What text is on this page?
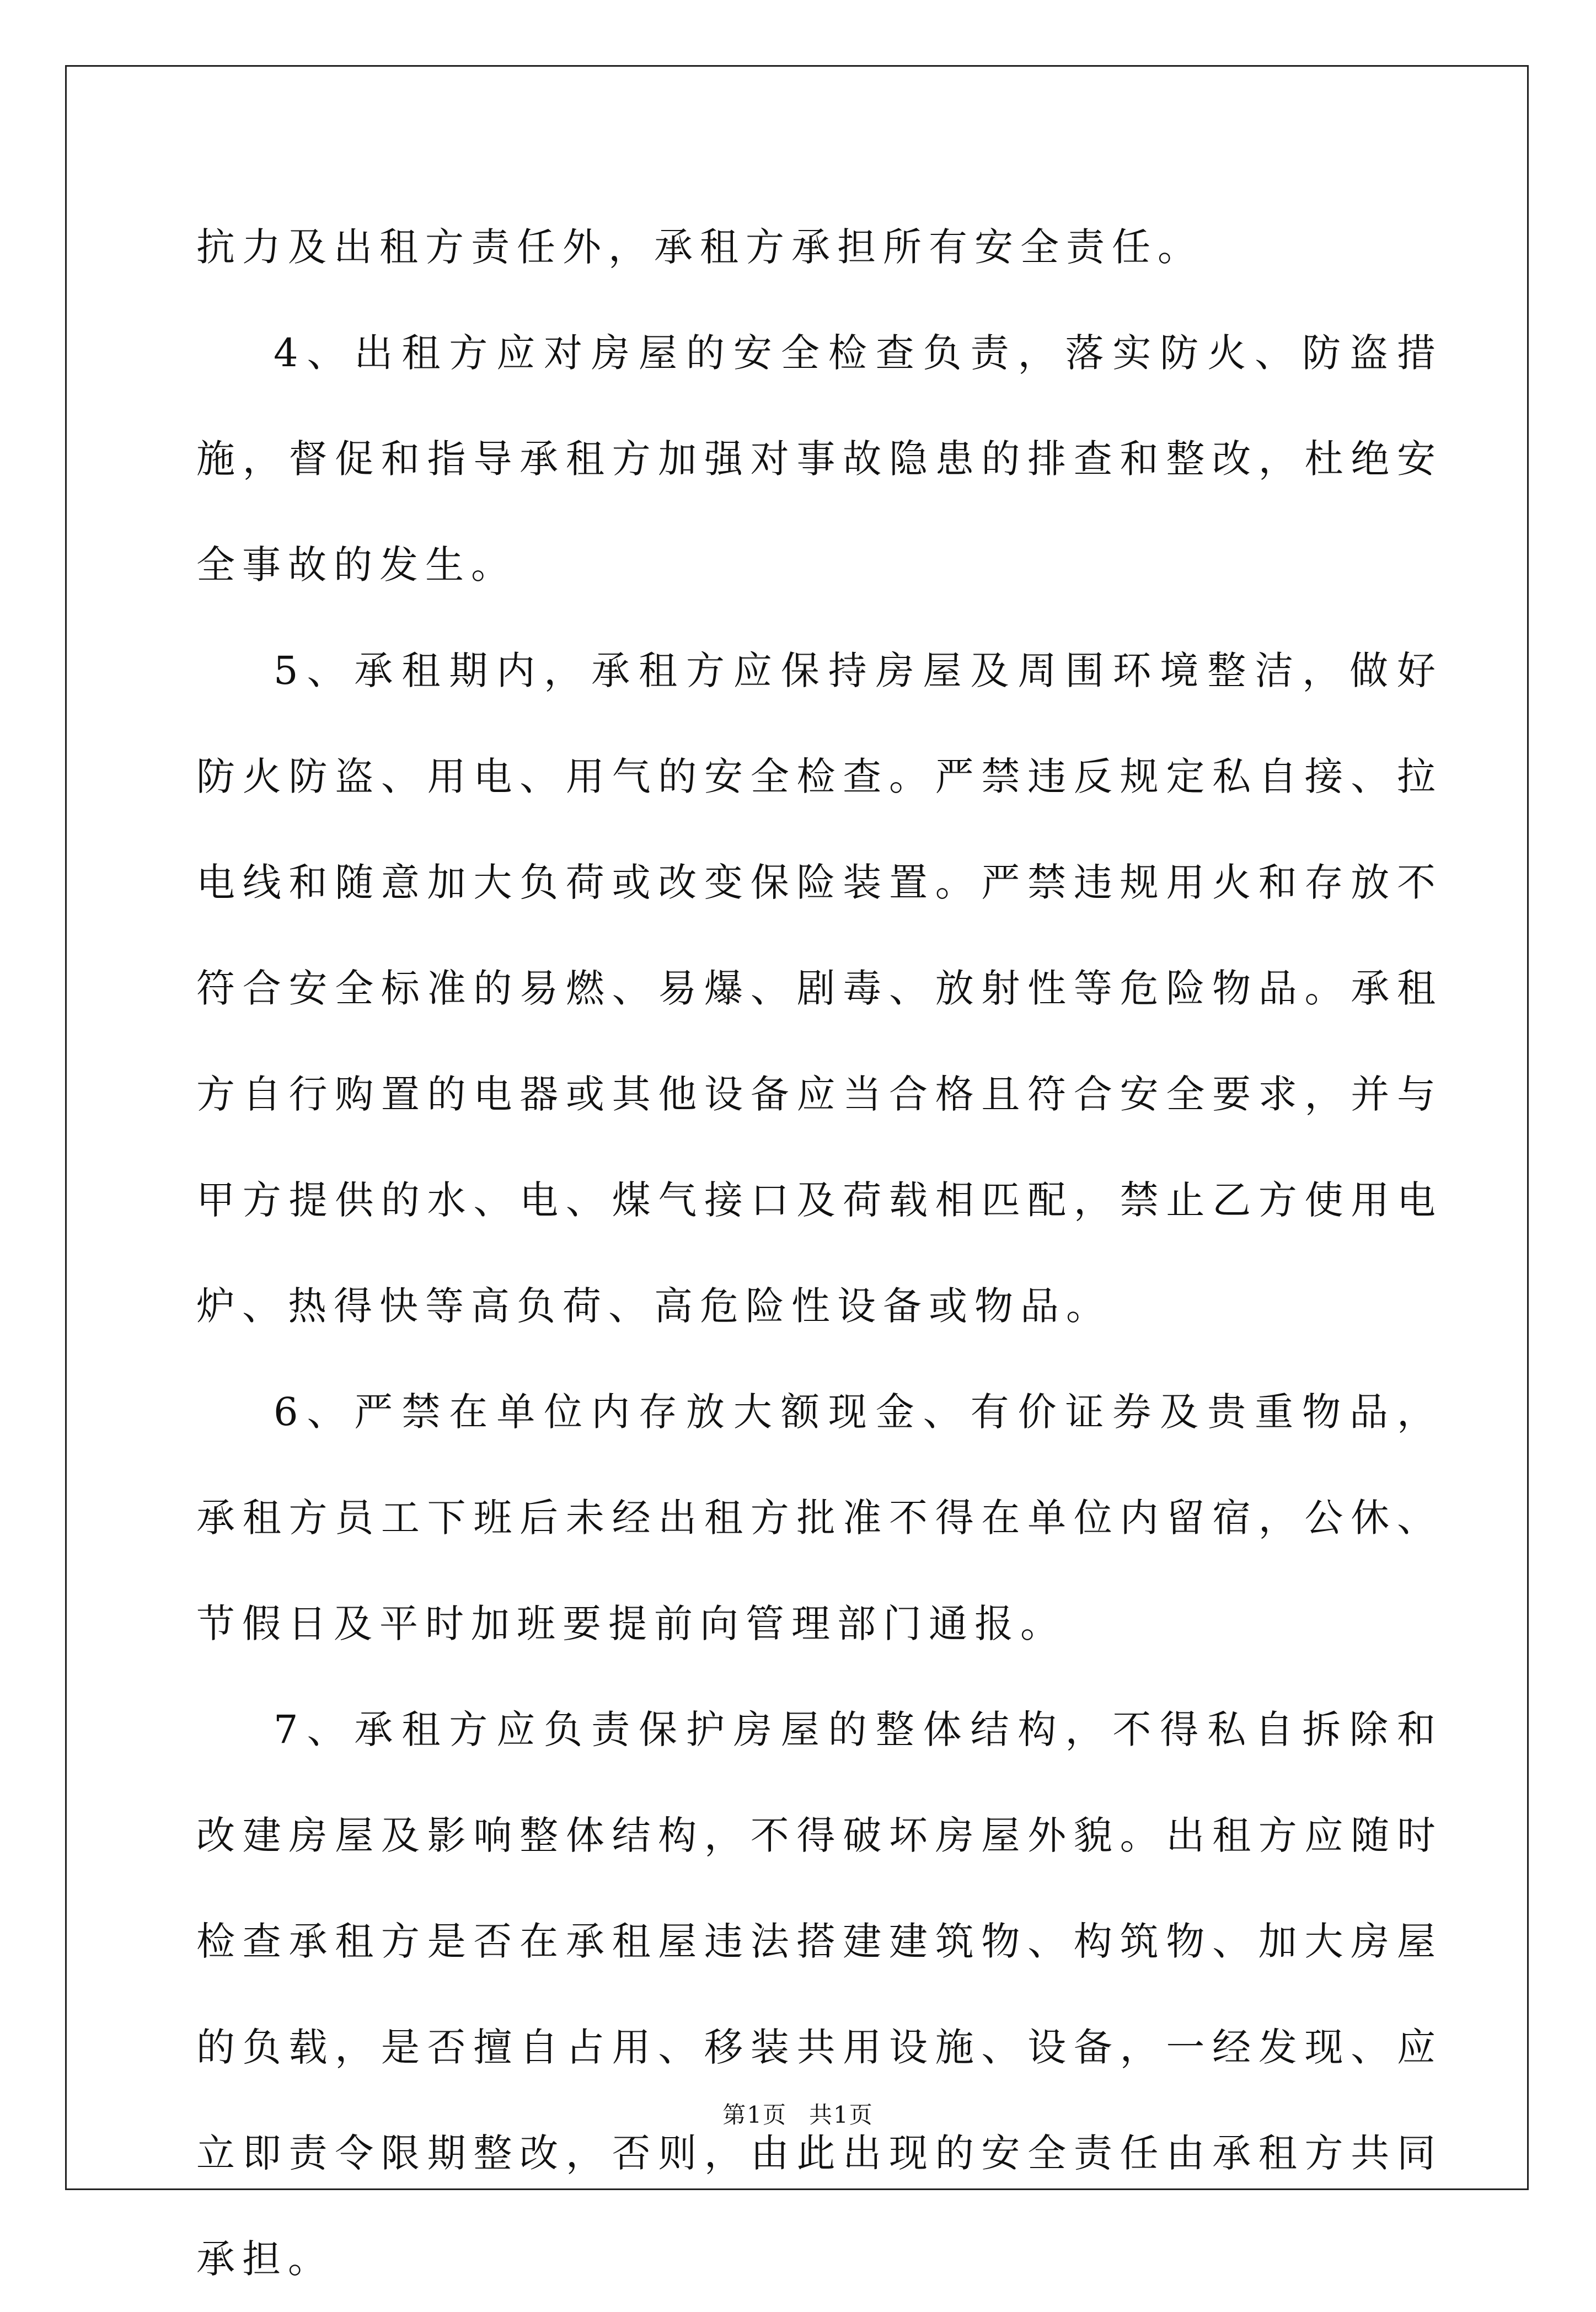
抗力及出租方责任外，承租方承担所有安全责任。

4、出租方应对房屋的安全检查负责，落实防火、防盗措施，督促和指导承租方加强对事故隐患的排查和整改，杜绝安全事故的发生。

5、承租期内，承租方应保持房屋及周围环境整洁，做好防火防盗、用电、用气的安全检查。严禁违反规定私自接、拉电线和随意加大负荷或改变保险装置。严禁违规用火和存放不符合安全标准的易燃、易爆、剧毒、放射性等危险物品。承租方自行购置的电器或其他设备应当合格且符合安全要求，并与甲方提供的水、电、煤气接口及荷载相匹配，禁止乙方使用电炉、热得快等高负荷、高危险性设备或物品。

6、严禁在单位内存放大额现金、有价证券及贵重物品，承租方员工下班后未经出租方批准不得在单位内留宿，公休、节假日及平时加班要提前向管理部门通报。

7、承租方应负责保护房屋的整体结构，不得私自拆除和改建房屋及影响整体结构，不得破坏房屋外貌。出租方应随时检查承租方是否在承租屋违法搭建建筑物、构筑物、加大房屋的负载，是否擅自占用、移装共用设施、设备，一经发现、应立即责令限期整改，否则，由此出现的安全责任由承租方共同承担。

第1页 共1页
